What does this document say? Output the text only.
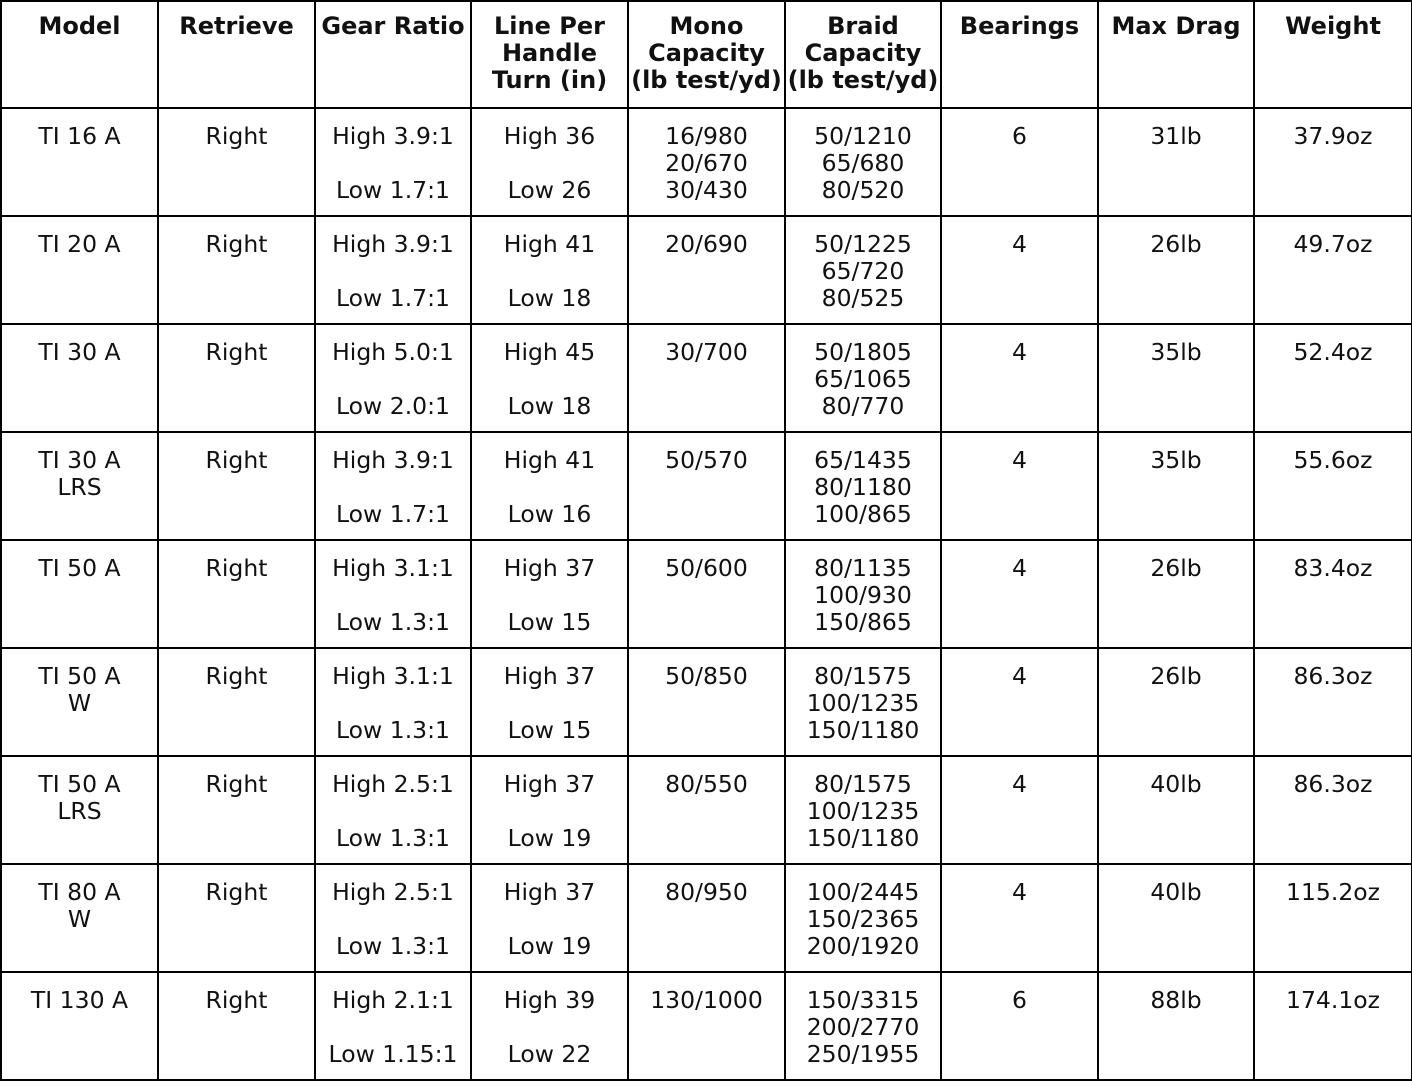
Model	Retrieve	Gear Ratio	Line Per
Handle
Turn (in)	Mono
Capacity
(lb test/yd)	Braid
Capacity
(lb test/yd)	Bearings	Max Drag	Weight

TI 16 A	Right	High 3.9:1
Low 1.7:1	High 36
Low 26	16/980
20/670
30/430	50/1210
65/680
80/520	6	31lb	37.9oz

TI 20 A	Right	High 3.9:1
Low 1.7:1	High 41
Low 18	20/690	50/1225
65/720
80/525	4	26lb	49.7oz

TI 30 A	Right	High 5.0:1
Low 2.0:1	High 45
Low 18	30/700	50/1805
65/1065
80/770	4	35lb	52.4oz

TI 30 A
LRS	Right	High 3.9:1
Low 1.7:1	High 41
Low 16	50/570	65/1435
80/1180
100/865	4	35lb	55.6oz

TI 50 A	Right	High 3.1:1
Low 1.3:1	High 37
Low 15	50/600	80/1135
100/930
150/865	4	26lb	83.4oz

TI 50 A
W	Right	High 3.1:1
Low 1.3:1	High 37
Low 15	50/850	80/1575
100/1235
150/1180	4	26lb	86.3oz

TI 50 A
LRS	Right	High 2.5:1
Low 1.3:1	High 37
Low 19	80/550	80/1575
100/1235
150/1180	4	40lb	86.3oz

TI 80 A
W	Right	High 2.5:1
Low 1.3:1	High 37
Low 19	80/950	100/2445
150/2365
200/1920	4	40lb	115.2oz

TI 130 A	Right	High 2.1:1
Low 1.15:1	High 39
Low 22	130/1000	150/3315
200/2770
250/1955	6	88lb	174.1oz
